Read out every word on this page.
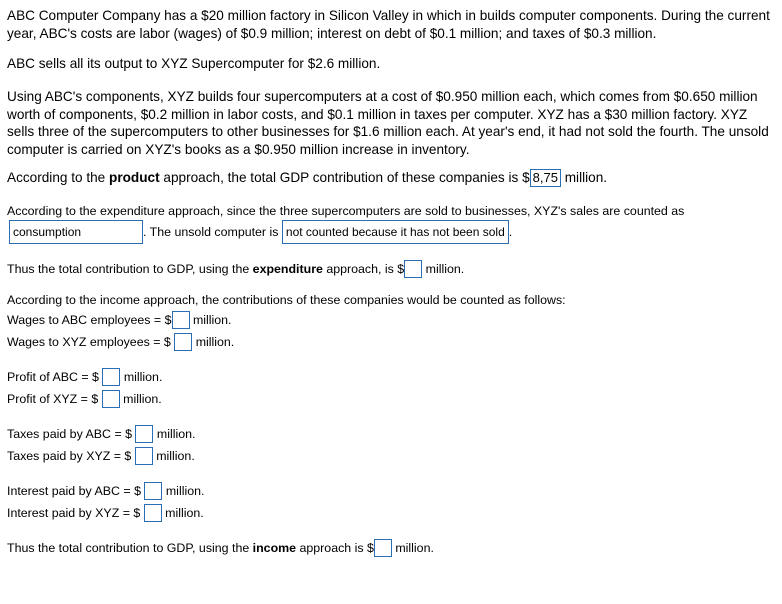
ABC Computer Company has a $20 million factory in Silicon Valley in which in builds computer components. During the current year, ABC's costs are labor (wages) of $0.9 million; interest on debt of $0.1 million; and taxes of $0.3 million.

ABC sells all its output to XYZ Supercomputer for $2.6 million.

Using ABC's components, XYZ builds four supercomputers at a cost of $0.950 million each, which comes from $0.650 million worth of components, $0.2 million in labor costs, and $0.1 million in taxes per computer. XYZ has a $30 million factory. XYZ sells three of the supercomputers to other businesses for $1.6 million each. At year's end, it had not sold the fourth. The unsold computer is carried on XYZ's books as a $0.950 million increase in inventory.

According to the product approach, the total GDP contribution of these companies is $ 8,75 million.
According to the expenditure approach, since the three supercomputers are sold to businesses, XYZ's sales are counted as
consumption	. The unsold computer is not counted because it has not been sold .
Thus the total contribution to GDP, using the expenditure approach, is $ million.
According to the income approach, the contributions of these companies would be counted as follows:
Wages to ABC employees = $ million.
Wages to XYZ employees = $ million.
Profit of ABC = $ million.
Profit of XYZ = $ million.
Taxes paid by ABC = $ million.
Taxes paid by XYZ = $ million.
Interest paid by ABC = $ million.
Interest paid by XYZ = $ million.
Thus the total contribution to GDP, using the income approach is $ million.
